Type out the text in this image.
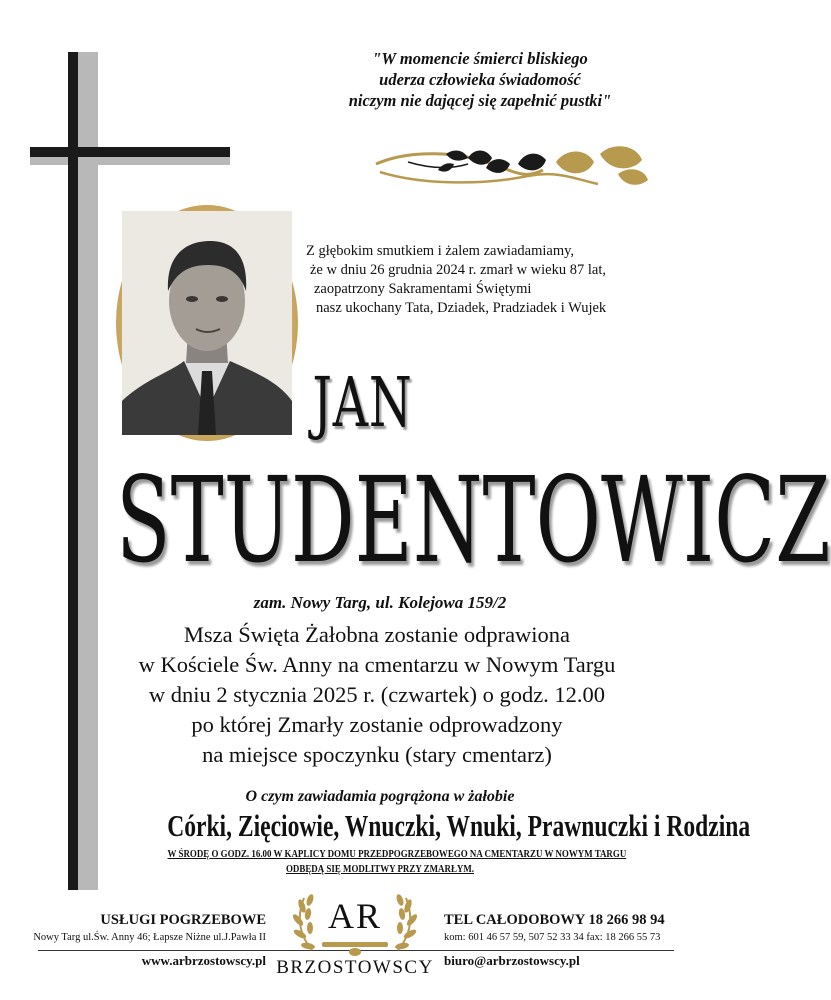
"W momencie śmierci bliskiego
uderza człowieka świadomość
niczym nie dającej się zapełnić pustki"
Z głębokim smutkiem i żalem zawiadamiamy,
że w dniu 26 grudnia 2024 r. zmarł w wieku 87 lat,
zaopatrzony Sakramentami Świętymi
nasz ukochany Tata, Dziadek, Pradziadek i Wujek
JAN
STUDENTOWICZ
zam. Nowy Targ, ul. Kolejowa 159/2
Msza Święta Żałobna zostanie odprawiona
w Kościele Św. Anny na cmentarzu w Nowym Targu
w dniu 2 stycznia 2025 r. (czwartek) o godz. 12.00
po której Zmarły zostanie odprowadzony
na miejsce spoczynku (stary cmentarz)
O czym zawiadamia pogrążona w żałobie
Córki, Zięciowie, Wnuczki, Wnuki, Prawnuczki i Rodzina
W ŚRODĘ O GODZ. 16.00 W KAPLICY DOMU PRZEDPOGRZEBOWEGO NA CMENTARZU W NOWYM TARGU
ODBĘDĄ SIĘ MODLITWY PRZY ZMARŁYM.
USŁUGI POGRZEBOWE
Nowy Targ ul.Św. Anny 46; Łapsze Niżne ul.J.Pawła II
www.arbrzostowscy.pl
TEL CAŁODOBOWY 18 266 98 94
kom: 601 46 57 59, 507 52 33 34 fax: 18 266 55 73
biuro@arbrzostowscy.pl
AR
BRZOSTOWSCY
